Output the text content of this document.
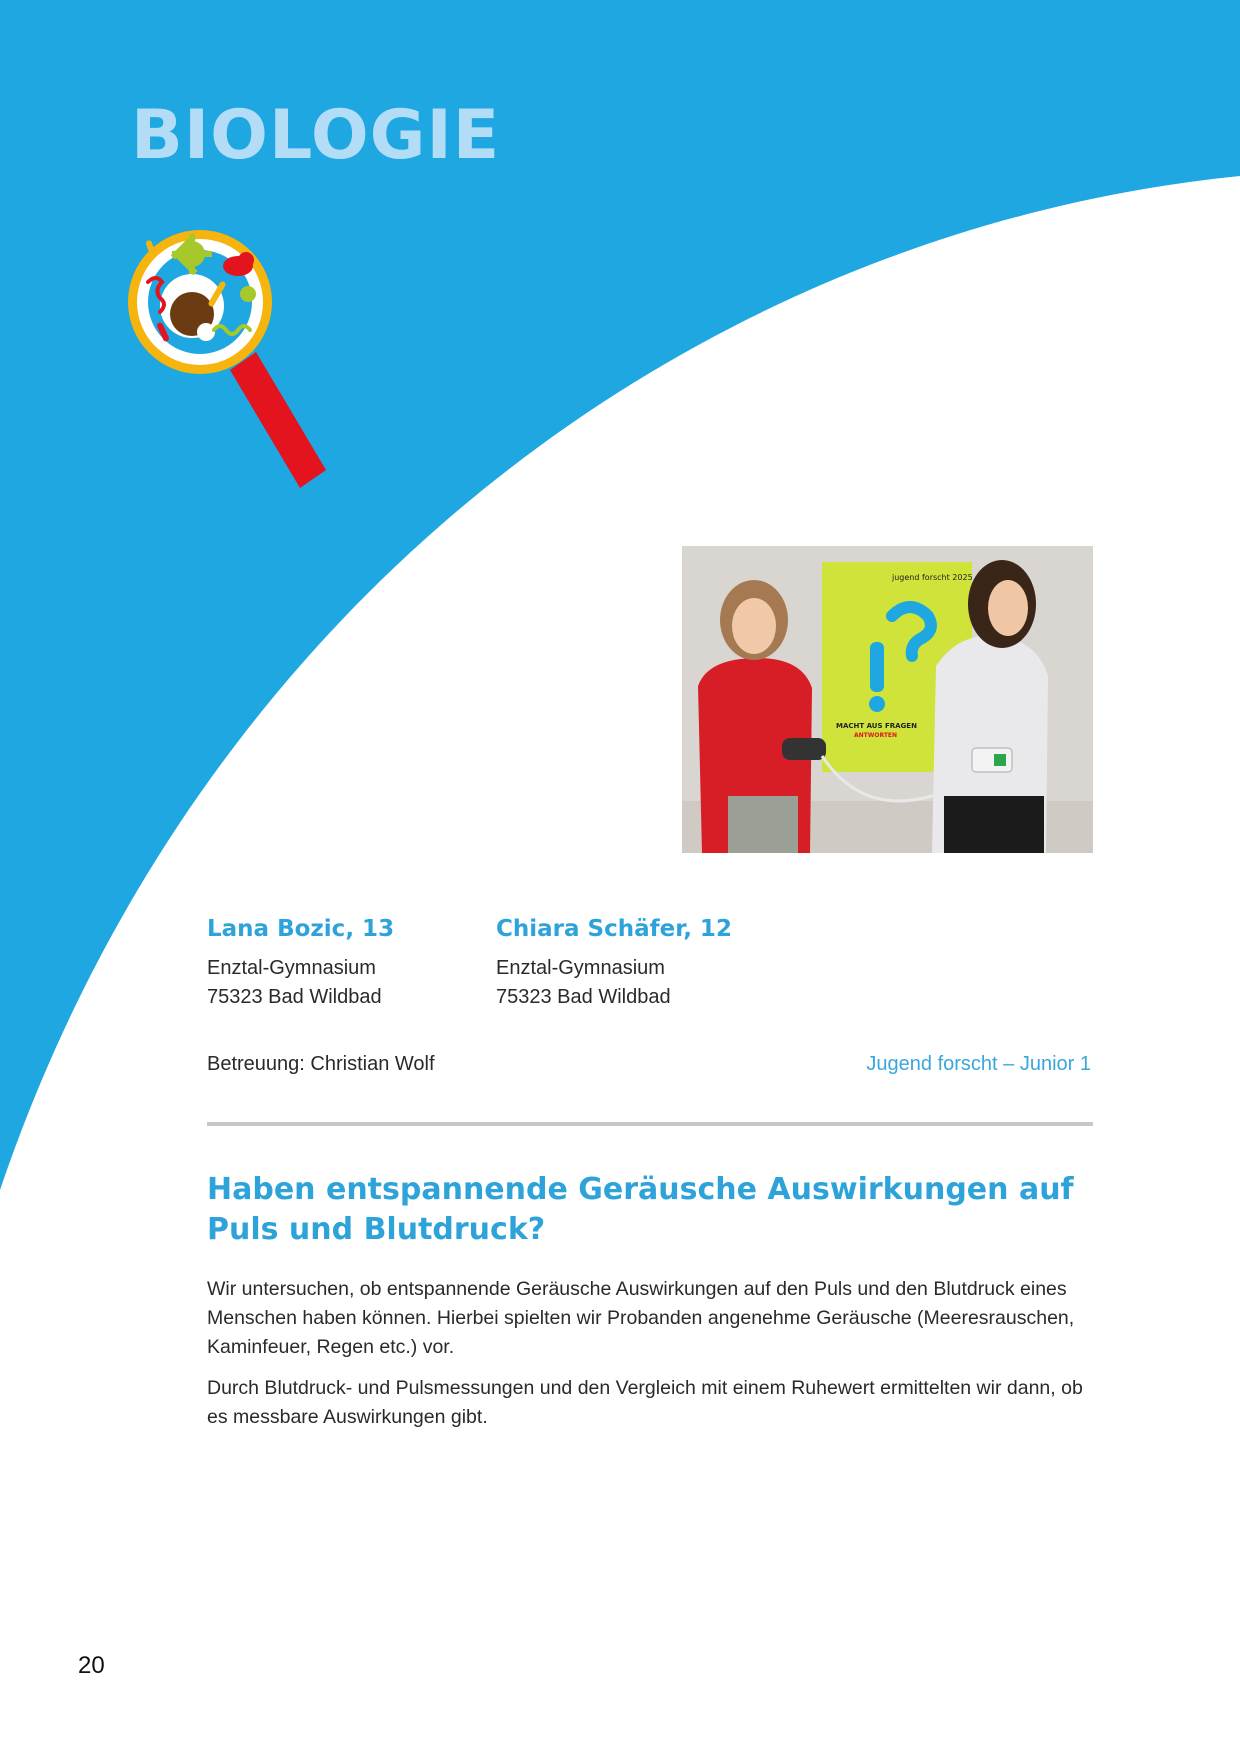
BIOLOGIE
jugend forscht 2025
MACHT AUS FRAGEN
ANTWORTEN
Lana Bozic, 13
Enztal-Gymnasium
75323 Bad Wildbad
Chiara Schäfer, 12
Enztal-Gymnasium
75323 Bad Wildbad
Betreuung: Christian Wolf	Jugend forscht – Junior 1
Haben entspannende Geräusche Auswirkungen auf Puls und Blutdruck?

Wir untersuchen, ob entspannende Geräusche Auswirkungen auf den Puls und den Blutdruck eines Menschen haben können. Hierbei spielten wir Probanden angenehme Geräusche (Meeresrauschen, Kaminfeuer, Regen etc.) vor.

Durch Blutdruck- und Pulsmessungen und den Vergleich mit einem Ruhewert ermittelten wir dann, ob es messbare Auswirkungen gibt.

20
